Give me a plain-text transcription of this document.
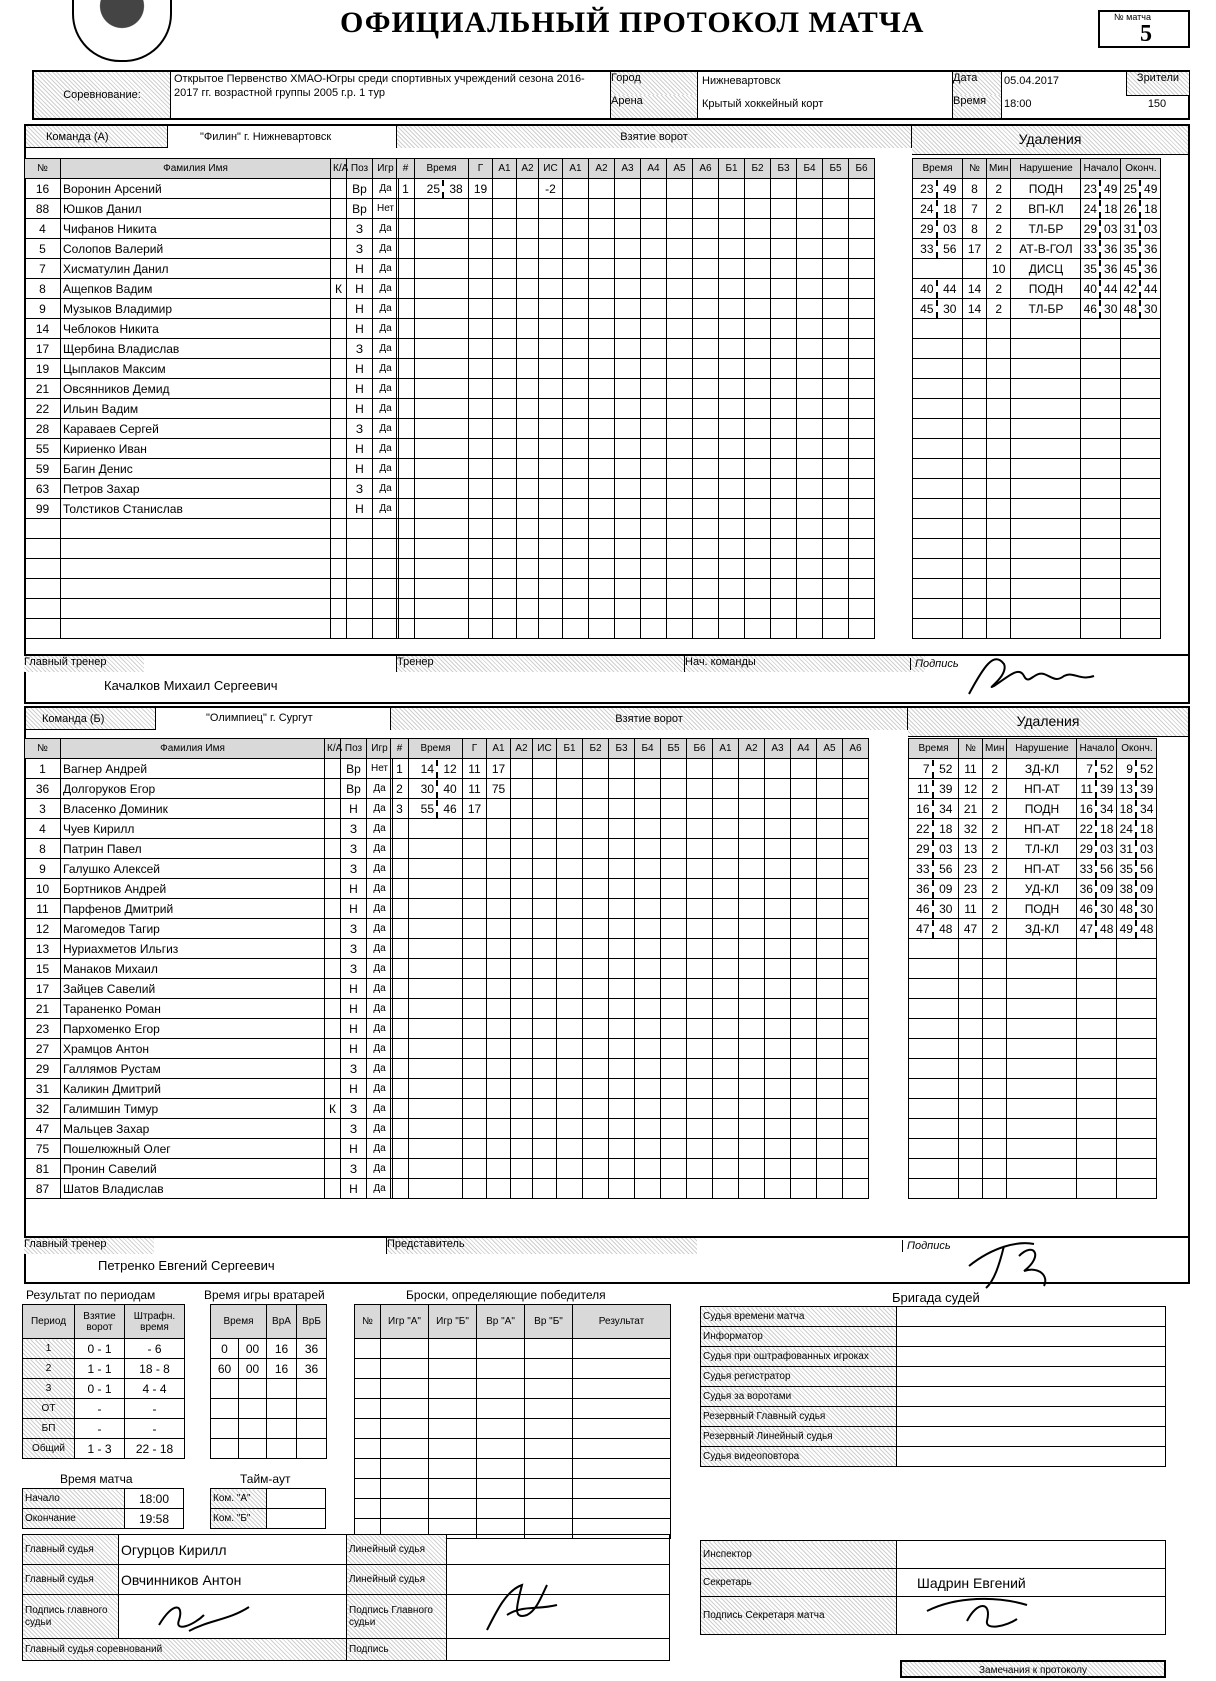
ОФИЦИАЛЬНЫЙ ПРОТОКОЛ МАТЧА	№ матча
5
Соревнование:
Открытое Первенство ХМАО-Югры среди спортивных учреждений сезона 2016-2017 гг. возрастной группы 2005 г.р. 1 тур
Город	Нижневартовск
Арена	Крытый хоккейный корт
Дата	05.04.2017
Время	18:00
Зрители
150
Команда (А)	"Филин" г. Нижневартовск	Взятие ворот	Удаления
№	Фамилия Имя	К/А	Поз	Игр
16	Воронин Арсений		Вр	Да
88	Юшков Данил		Вр	Нет
4	Чифанов Никита		З	Да
5	Солопов Валерий		З	Да
7	Хисматулин Данил		Н	Да
8	Ащепков Вадим	К	Н	Да
9	Музыков Владимир		Н	Да
14	Чеблоков Никита		Н	Да
17	Щербина Владислав		З	Да
19	Цыплаков Максим		Н	Да
21	Овсянников Демид		Н	Да
22	Ильин Вадим		Н	Да
28	Караваев Сергей		З	Да
55	Кириенко Иван		Н	Да
59	Багин Денис		Н	Да
63	Петров Захар		З	Да
99	Толстиков Станислав		Н	Да

#	Время	Г	А1	А2	ИС	А1	А2	А3	А4	А5	А6	Б1	Б2	Б3	Б4	Б5	Б6
1	25 38	19			-2												

Время	№	Мин	Нарушение	Начало	Оконч.

23 49	8	2	ПОДН	23 49	25 49

24 18	7	2	ВП-КЛ	24 18	26 18

29 03	8	2	ТЛ-БР	29 03	31 03

33 56	17	2	АТ-В-ГОЛ	33 36	35 36

		10	ДИСЦ	35 36	45 36

40 44	14	2	ПОДН	40 44	42 44

45 30	14	2	ТЛ-БР	46 30	48 30

Главный тренер
Качалков Михаил Сергеевич
Тренер	Нач. команды	Подпись
Команда (Б)	"Олимпиец" г. Сургут	Взятие ворот	Удаления
№	Фамилия Имя	К/А	Поз	Игр
1	Вагнер Андрей		Вр	Нет
36	Долгоруков Егор		Вр	Да
3	Власенко Доминик		Н	Да
4	Чуев Кирилл		З	Да
8	Патрин Павел		З	Да
9	Галушко Алексей		З	Да
10	Бортников Андрей		Н	Да
11	Парфенов Дмитрий		Н	Да
12	Магомедов Тагир		З	Да
13	Нуриахметов Ильгиз		З	Да
15	Манаков Михаил		З	Да
17	Зайцев Савелий		Н	Да
21	Тараненко Роман		Н	Да
23	Пархоменко Егор		Н	Да
27	Храмцов Антон		Н	Да
29	Галлямов Рустам		З	Да
31	Каликин Дмитрий		Н	Да
32	Галимшин Тимур	К	З	Да
47	Мальцев Захар		З	Да
75	Пошелюжный Олег		Н	Да
81	Пронин Савелий		З	Да
87	Шатов Владислав		Н	Да
#	Время	Г	А1	А2	ИС	Б1	Б2	Б3	Б4	Б5	Б6	А1	А2	А3	А4	А5	А6
1	14 12	11	17														
2	30 40	11	75														
3	55 46	17															

Время	№	Мин	Нарушение	Начало	Оконч.

7 52	11	2	ЗД-КЛ	7 52	9 52

11 39	12	2	НП-АТ	11 39	13 39

16 34	21	2	ПОДН	16 34	18 34

22 18	32	2	НП-АТ	22 18	24 18

29 03	13	2	ТЛ-КЛ	29 03	31 03

33 56	23	2	НП-АТ	33 56	35 56

36 09	23	2	УД-КЛ	36 09	38 09

46 30	11	2	ПОДН	46 30	48 30

47 48	47	2	ЗД-КЛ	47 48	49 48

Главный тренер
Петренко Евгений Сергеевич
Представитель	Подпись
Результат по периодам
Период	Взятие ворот	Штрафн. время
1	0 - 1	- 6
2	1 - 1	18 - 8
3	0 - 1	4 - 4
ОТ	-	-
БП	-	-
Общий	1 - 3	22 - 18
Время игры вратарей
Время		ВрА	ВрБ
0	00	16	36
60	00	16	36

Броски, определяющие победителя
№	Игр "А"	Игр "Б"	Вр "А"	Вр "Б"	Результат

Время матча
Начало	18:00
Окончание	19:58
Тайм-аут
Ком. "А"	
Ком. "Б"	
Бригада судей
Судья времени матча	
Информатор	
Судья при оштрафованных игроках	
Судья регистратор	
Судья за воротами	
Резервный Главный судья	
Резервный Линейный судья	
Судья видеоповтора	
Главный судья	Огурцов Кирилл	Линейный судья	
Главный судья	Овчинников Антон	Линейный судья	
Подпись главного судьи		Подпись Главного судьи	

Главный судья соревнований		Подпись	
Инспектор	
Секретарь	Шадрин Евгений
Подпись Секретаря матча	
Замечания к протоколу
